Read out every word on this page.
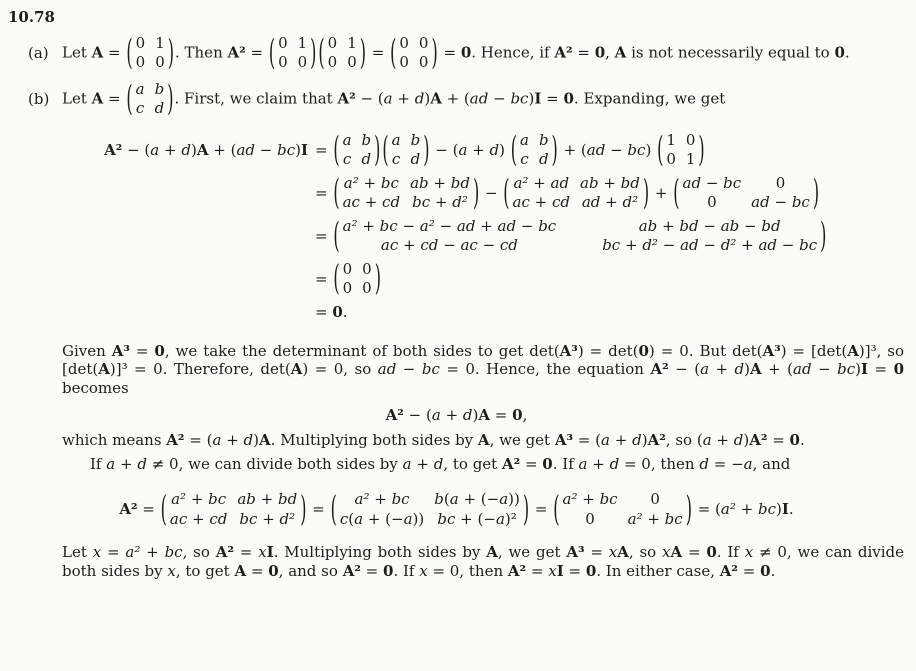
10.78
(a) Let A = ( 0 1
0 0 ) . Then A² = ( 0 1
0 0 ) ( 0 1
0 0 ) = ( 0 0
0 0 ) = 0. Hence, if A² = 0, A is not necessarily equal to 0.
(b) Let A = ( a b
c d ) . First, we claim that A² − (a + d)A + (ad − bc)I = 0. Expanding, we get
A² − ( a + d ) A + ( ad − bc ) I = ( a b
c d ) ( a b
c d ) − (a + d) ( a b
c d ) + (ad − bc) ( 1 0
0 1 )
= ( a² + bc ab + bd
ac + cd bc + d² ) − ( a² + ad ab + bd
ac + cd ad + d² ) + ( ad − bc 0
0 ad − bc )
= ( a² + bc − a² − ad + ad − bc	ab + bd − ab − bd
ac + cd − ac − cd	bc + d² − ad − d² + ad − bc )
= ( 0 0
0 0 )
= 0.
Given A³ = 0, we take the determinant of both sides to get det(A³) = det(0) = 0. But det(A³) = [det(A)]³, so [det(A)]³ = 0. Therefore, det(A) = 0, so ad − bc = 0. Hence, the equation A² − (a + d)A + (ad − bc)I = 0 becomes
A² − (a + d)A = 0,
which means A² = (a + d)A. Multiplying both sides by A, we get A³ = (a + d)A², so (a + d)A² = 0.
If a + d ≠ 0, we can divide both sides by a + d, to get A² = 0. If a + d = 0, then d = −a, and
A² = ( a² + bc ab + bd
ac + cd bc + d² ) = ( a² + bc b(a + (−a))
c(a + (−a)) bc + (−a)² ) = ( a² + bc 0
0 a² + bc ) = (a² + bc)I.
Let x = a² + bc, so A² = xI. Multiplying both sides by A, we get A³ = xA, so xA = 0. If x ≠ 0, we can divide both sides by x, to get A = 0, and so A² = 0. If x = 0, then A² = xI = 0. In either case, A² = 0.
